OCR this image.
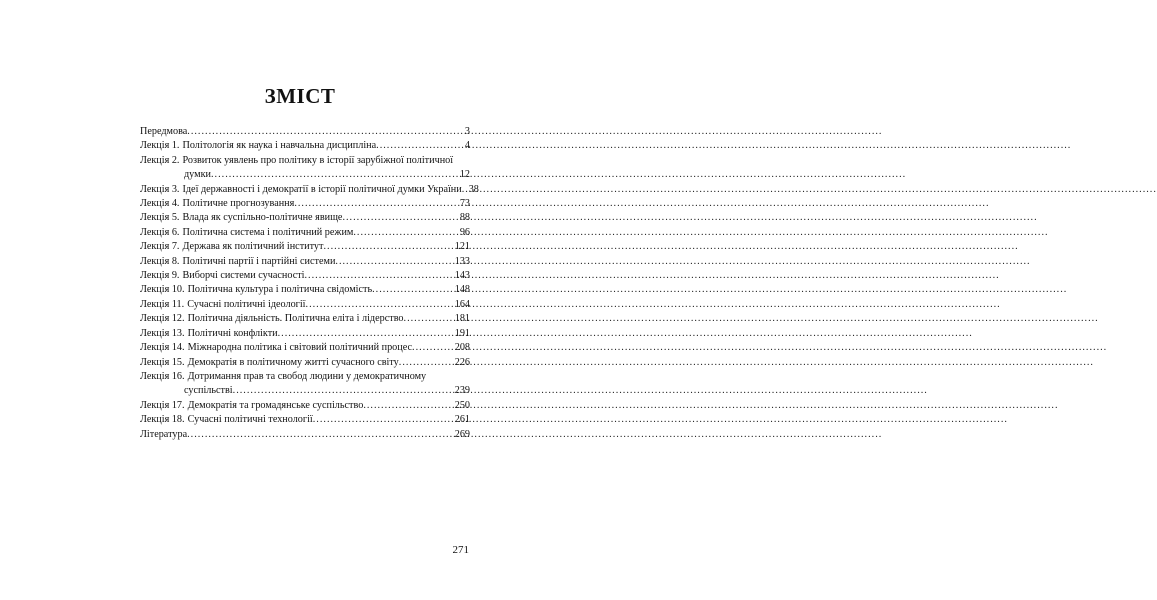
ЗМІСТ
Передмова .....	3
Лекція 1. Політологія як наука і навчальна дисципліна .....	4
Лекція 2. Розвиток уявлень про політику в історії зарубіжної політичної
думки .....	12
Лекція 3. Ідеї державності і демократії в історії політичної думки України ..... 38
Лекція 4. Політичне прогнозування .....	73
Лекція 5. Влада як суспільно-політичне явище .....	88
Лекція 6. Політична система і політичний режим .....	96
Лекція 7. Держава як політичний інститут .....	121
Лекція 8. Політичні партії і партійні системи .....	133
Лекція 9. Виборчі системи сучасності .....	143
Лекція 10. Політична культура і політична свідомість .....	148
Лекція 11. Сучасні політичні ідеології .....	164
Лекція 12. Політична діяльність. Політична еліта і лідерство .....	181
Лекція 13. Політичні конфлікти .....	191
Лекція 14. Міжнародна політика і світовий політичний процес .....	208
Лекція 15. Демократія в політичному житті сучасного світу .....	226
Лекція 16. Дотримання прав та свобод людини у демократичному
суспільстві .....	239
Лекція 17. Демократія та громадянське суспільство .....	250
Лекція 18. Сучасні політичні технології .....	261
Література .....	269
271
